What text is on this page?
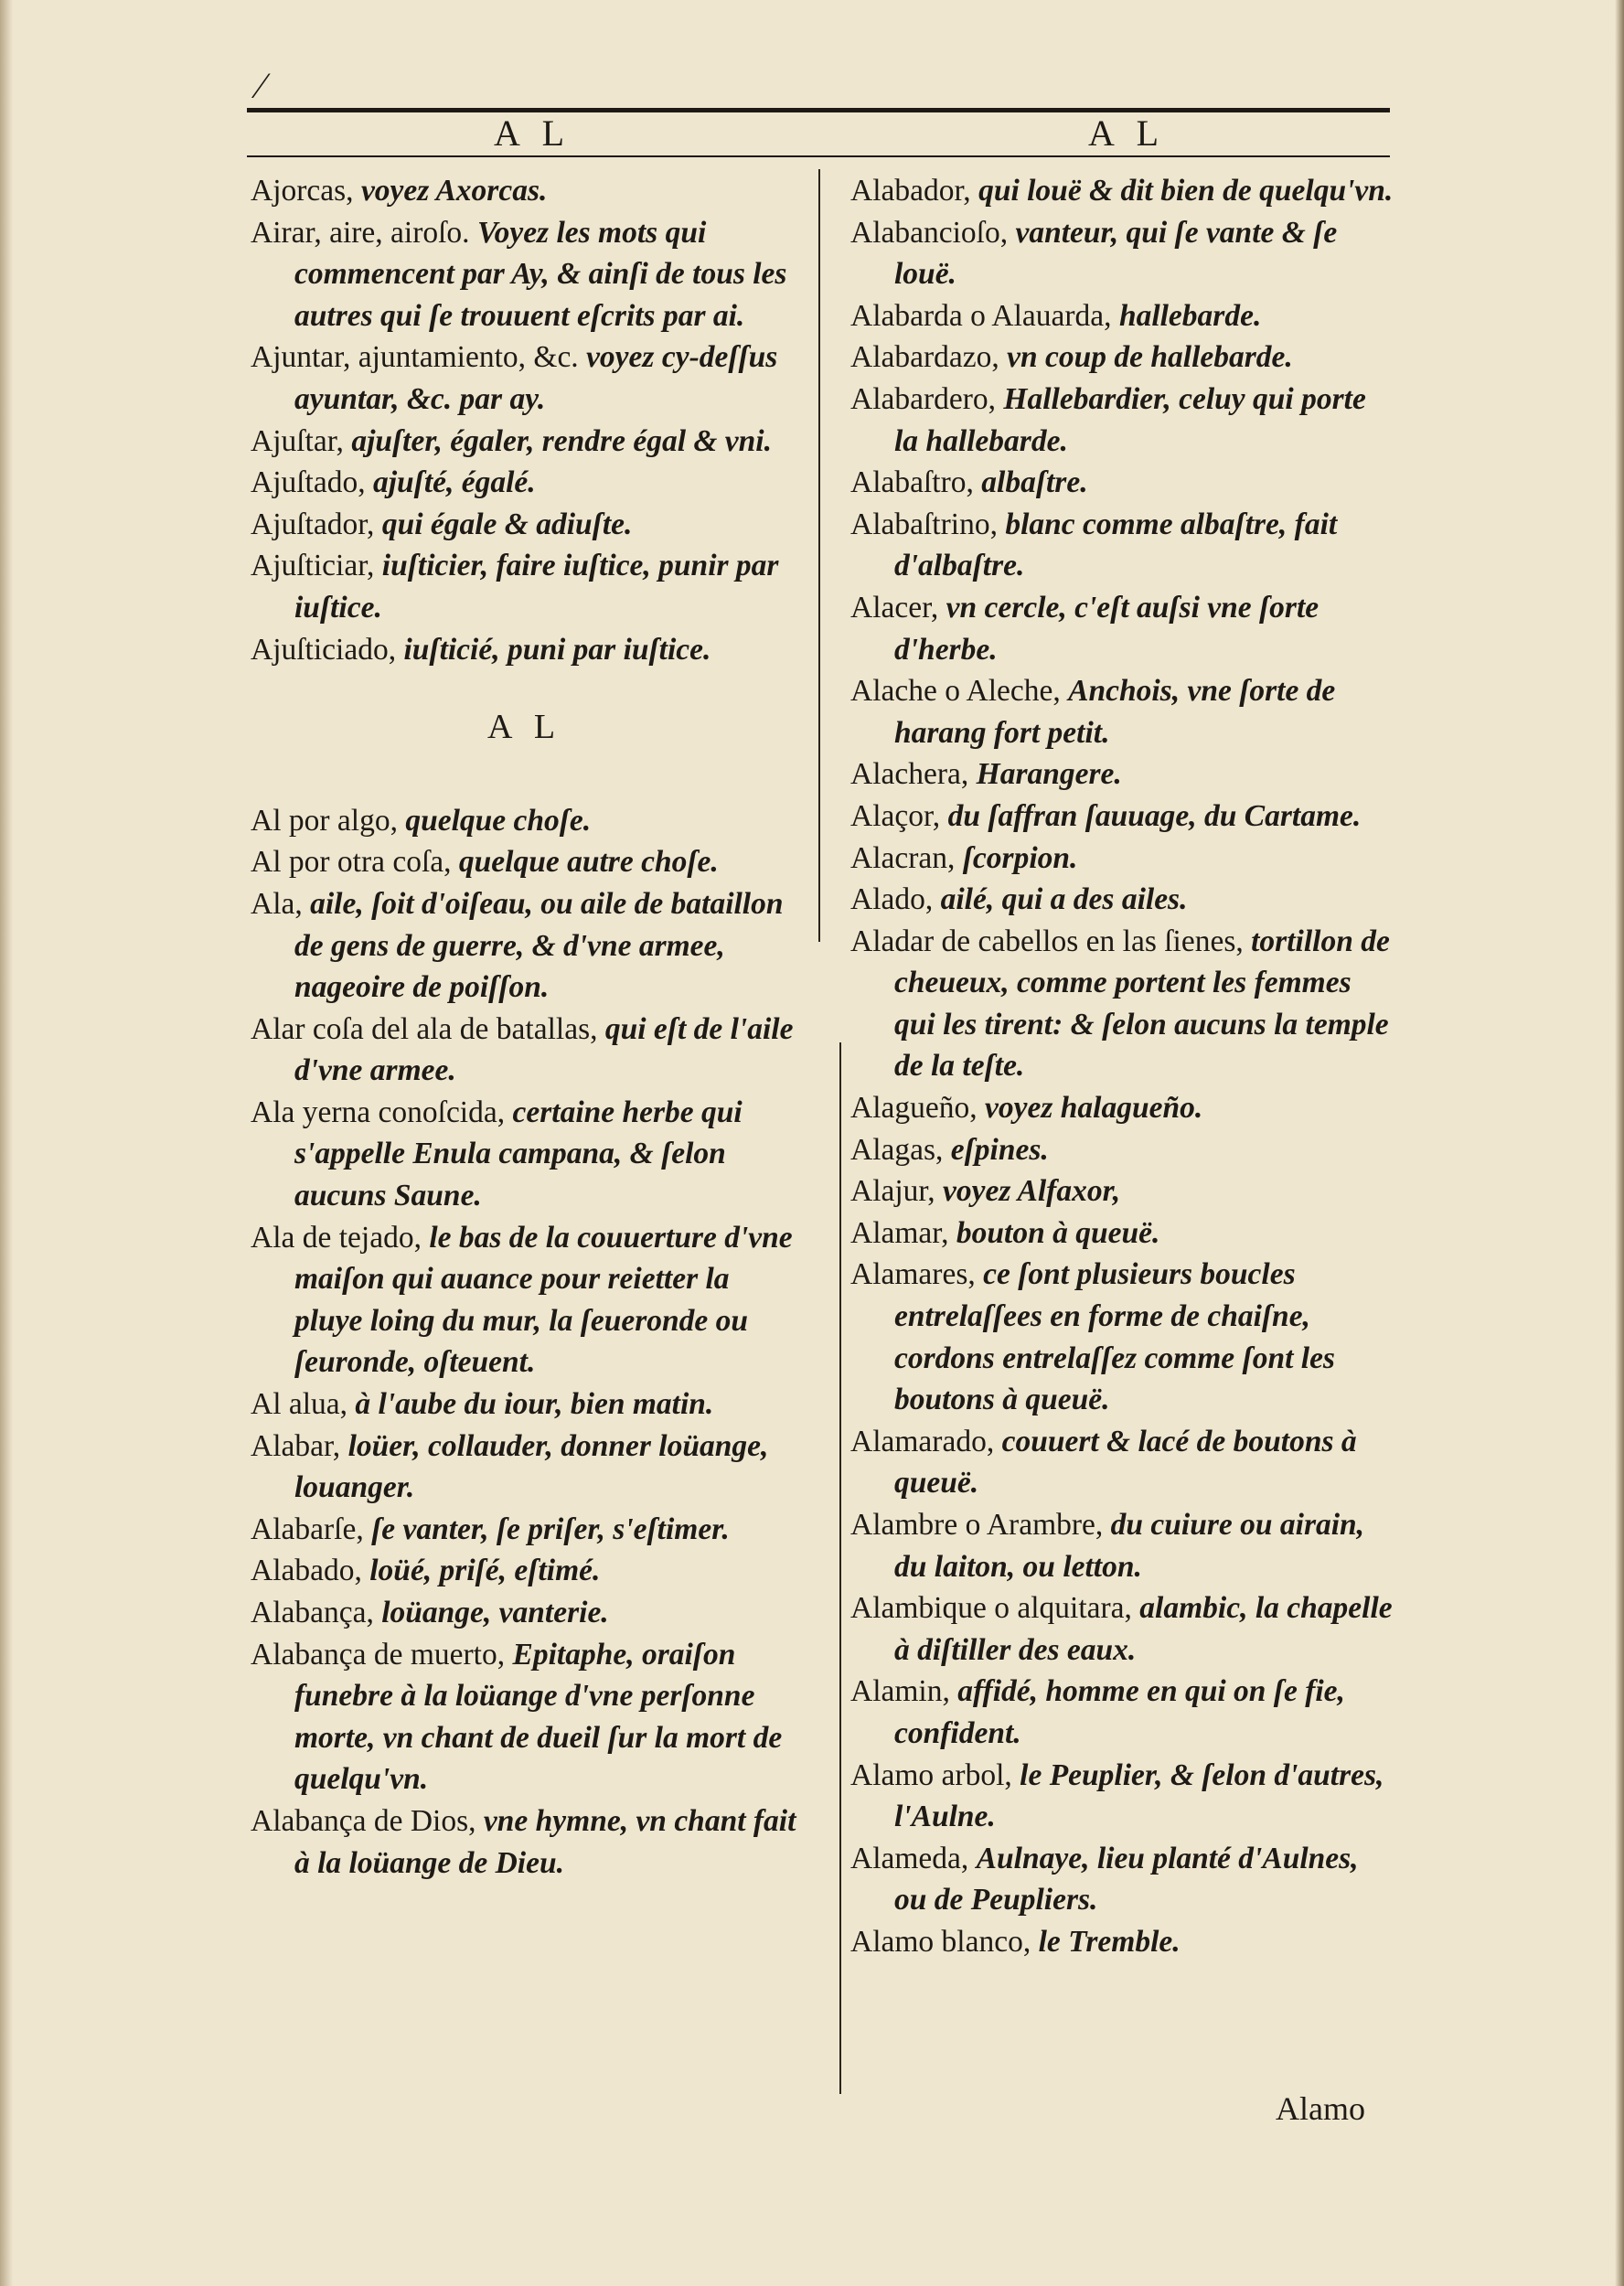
⁄
A L	A L

Ajorcas, voyez Axorcas.

Airar, aire, airoſo. Voyez les mots qui commencent par Ay, & ainſi de tous les autres qui ſe trouuent eſcrits par ai.

Ajuntar, ajuntamiento, &c. voyez cy-deſſus ayuntar, &c. par ay.

Ajuſtar, ajuſter, égaler, rendre égal & vni.

Ajuſtado, ajuſté, égalé.

Ajuſtador, qui égale & adiuſte.

Ajuſticiar, iuſticier, faire iuſtice, punir par iuſtice.

Ajuſticiado, iuſticié, puni par iuſtice.

A L

Al por algo, quelque choſe.

Al por otra coſa, quelque autre choſe.

Ala, aile, ſoit d'oiſeau, ou aile de bataillon de gens de guerre, & d'vne armee, nageoire de poiſſon.

Alar coſa del ala de batallas, qui eſt de l'aile d'vne armee.

Ala yerna conoſcida, certaine herbe qui s'appelle Enula campana, & ſelon aucuns Saune.

Ala de tejado, le bas de la couuerture d'vne maiſon qui auance pour reietter la pluye loing du mur, la ſeueronde ou ſeuronde, oſteuent.

Al alua, à l'aube du iour, bien matin.

Alabar, loüer, collauder, donner loüange, louanger.

Alabarſe, ſe vanter, ſe priſer, s'eſtimer.

Alabado, loüé, priſé, eſtimé.

Alabança, loüange, vanterie.

Alabança de muerto, Epitaphe, oraiſon funebre à la loüange d'vne perſonne morte, vn chant de dueil ſur la mort de quelqu'vn.

Alabança de Dios, vne hymne, vn chant fait à la loüange de Dieu.

Alabador, qui louë & dit bien de quelqu'vn.

Alabancioſo, vanteur, qui ſe vante & ſe louë.

Alabarda o Alauarda, hallebarde.

Alabardazo, vn coup de hallebarde.

Alabardero, Hallebardier, celuy qui porte la hallebarde.

Alabaſtro, albaſtre.

Alabaſtrino, blanc comme albaſtre, fait d'albaſtre.

Alacer, vn cercle, c'eſt auſsi vne ſorte d'herbe.

Alache o Aleche, Anchois, vne ſorte de harang fort petit.

Alachera, Harangere.

Alaçor, du ſaffran ſauuage, du Cartame.

Alacran, ſcorpion.

Alado, ailé, qui a des ailes.

Aladar de cabellos en las ſienes, tortillon de cheueux, comme portent les femmes qui les tirent: & ſelon aucuns la temple de la teſte.

Alagueño, voyez halagueño.

Alagas, eſpines.

Alajur, voyez Alfaxor,

Alamar, bouton à queuë.

Alamares, ce ſont plusieurs boucles entrelaſſees en forme de chaiſne, cordons entrelaſſez comme ſont les boutons à queuë.

Alamarado, couuert & lacé de boutons à queuë.

Alambre o Arambre, du cuiure ou airain, du laiton, ou letton.

Alambique o alquitara, alambic, la chapelle à diſtiller des eaux.

Alamin, affidé, homme en qui on ſe fie, confident.

Alamo arbol, le Peuplier, & ſelon d'autres, l'Aulne.

Alameda, Aulnaye, lieu planté d'Aulnes, ou de Peupliers.

Alamo blanco, le Tremble.

Alamo
